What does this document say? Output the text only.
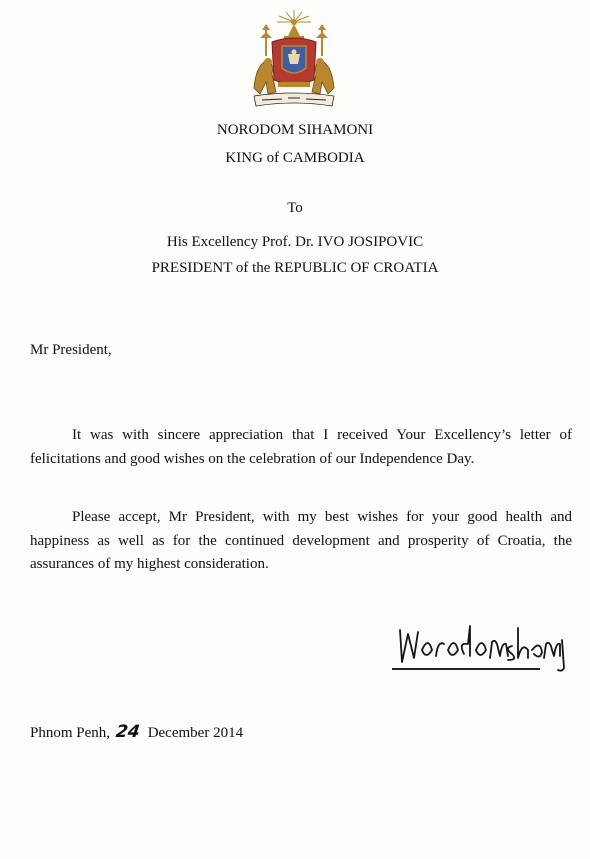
NORODOM SIHAMONI
KING of CAMBODIA
To
His Excellency Prof. Dr. IVO JOSIPOVIC
PRESIDENT of the REPUBLIC OF CROATIA
Mr President,

It was with sincere appreciation that I received Your Excellency’s letter of felicitations and good wishes on the celebration of our Independence Day.

Please accept, Mr President, with my best wishes for your good health and happiness as well as for the continued development and prosperity of Croatia, the assurances of my highest consideration.

Phnom Penh, 24 December 2014
